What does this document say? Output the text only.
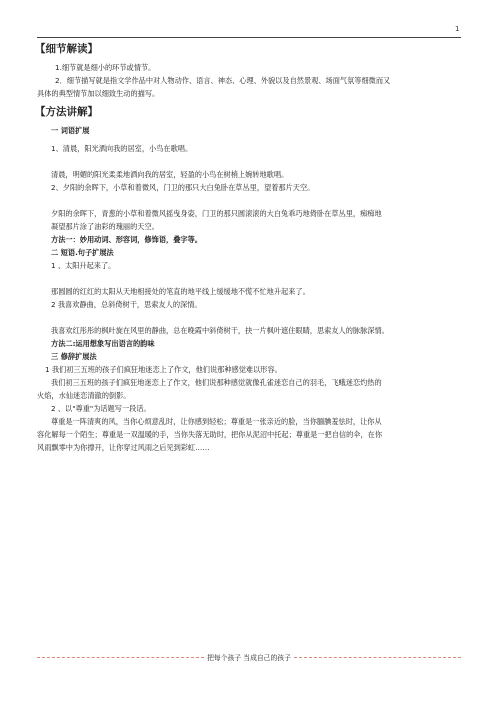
1
【细节解读】

1.细节就是细小的环节或情节。

2．细节描写就是指文学作品中对人物动作、语言、神态、心理、外貌以及自然景观、场面气氛等细微而又

具体的典型情节加以细致生动的描写。

【方法讲解】
一 词语扩展

1、清晨，阳光洒向我的居室，小鸟在歌唱。

清晨，明媚的阳光柔柔地洒向我的居室，轻盈的小鸟在树梢上婉转地歌唱。

2、夕阳的余晖下，小草和着微风，门卫的那只大白兔卧在草丛里，望着那片天空。

夕阳的余晖下，青葱的小草和着微风摇曳身姿，门卫的那只圆滚滚的大白兔乖巧地倚卧在草丛里，痴痴地

凝望那片涂了油彩的瑰丽的天空。

方法一：妙用动词、形容词，修饰语，叠字等。

二 短语.句子扩展法

1 、太阳升起来了。

那圆圆的红红的太阳从天地相接处的笔直的地平线上缓缓地不慌不忙地升起来了。

2 我喜欢静曲，总斜倚树干，思索友人的深情。

我喜欢红彤彤的枫叶旋在风里的静曲，总在晚霞中斜倚树干，抉一片枫叶遮住眼睛，思索友人的脉脉深情。

方法二:运用想象写出语言的韵味

三 修辞扩展法

1 我们初三五班的孩子们疯狂地迷恋上了作文，他们说那种感觉难以形容。

我们初三五班的孩子们疯狂地迷恋上了作文，他们说那种感觉就像孔雀迷恋自己的羽毛，飞蛾迷恋灼热的

火焰，水仙迷恋清澈的倒影。

2 、以"尊重"为话题写一段话。

尊重是一阵清爽的风，当你心烦意乱时，让你感到轻松；尊重是一张亲近的脸，当你腼腆羞怯时，让你从

容化解每一个陌生；尊重是一双温暖的手，当你失落无助时，把你从泥沼中托起；尊重是一把自信的伞，在你

风雨飘零中为你撑开，让你穿过风雨之后见到彩虹……

把每个孩子 当成自己的孩子
